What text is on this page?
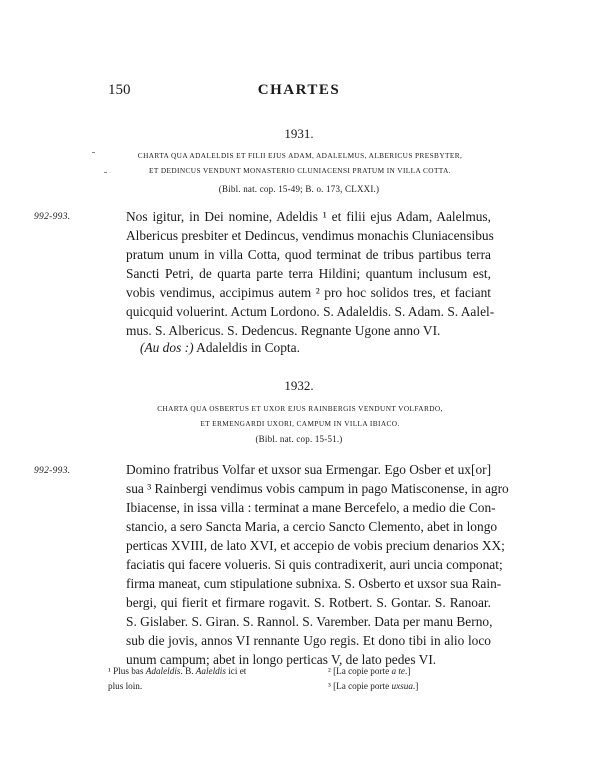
150	CHARTES
1931.
CHARTA QUA ADALELDIS ET FILII EJUS ADAM, ADALELMUS, ALBERICUS PRESBYTER,
ET DEDINCUS VENDUNT MONASTERIO CLUNIACENSI PRATUM IN VILLA COTTA.
(Bibl. nat. cop. 15-49; B. o. 173, CLXXI.)
992-993.	Nos igitur, in Dei nomine, Adeldis ¹ et filii ejus Adam, Aalelmus,
Albericus presbiter et Dedincus, vendimus monachis Cluniacensibus
pratum unum in villa Cotta, quod terminat de tribus partibus terra
Sancti Petri, de quarta parte terra Hildini; quantum inclusum est,
vobis vendimus, accipimus autem ² pro hoc solidos tres, et faciant
quicquid voluerint. Actum Lordono. S. Adaleldis. S. Adam. S. Aalel-
mus. S. Albericus. S. Dedencus. Regnante Ugone anno VI.
(Au dos :) Adaleldis in Copta.
1932.
CHARTA QUA OSBERTUS ET UXOR EJUS RAINBERGIS VENDUNT VOLFARDO,
ET ERMENGARDI UXORI, CAMPUM IN VILLA IBIACO.
(Bibl. nat. cop. 15-51.)
992-993.	Domino fratribus Volfar et uxsor sua Ermengar. Ego Osber et ux[or]
sua ³ Rainbergi vendimus vobis campum in pago Matisconense, in agro
Ibiacense, in issa villa : terminat a mane Bercefelo, a medio die Con-
stancio, a sero Sancta Maria, a cercio Sancto Clemento, abet in longo
perticas XVIII, de lato XVI, et accepio de vobis precium denarios XX;
faciatis qui facere volueris. Si quis contradixerit, auri uncia componat;
firma maneat, cum stipulatione subnixa. S. Osberto et uxsor sua Rain-
bergi, qui fierit et firmare rogavit. S. Rotbert. S. Gontar. S. Ranoar.
S. Gislaber. S. Giran. S. Rannol. S. Varember. Data per manu Berno,
sub die jovis, annos VI rennante Ugo regis. Et dono tibi in alio loco
unum campum; abet in longo perticas V, de lato pedes VI.
¹ Plus bas Adaleldis. B. Aaleldis ici et
plus loin.
² [La copie porte a te.]
³ [La copie porte uxsua.]
